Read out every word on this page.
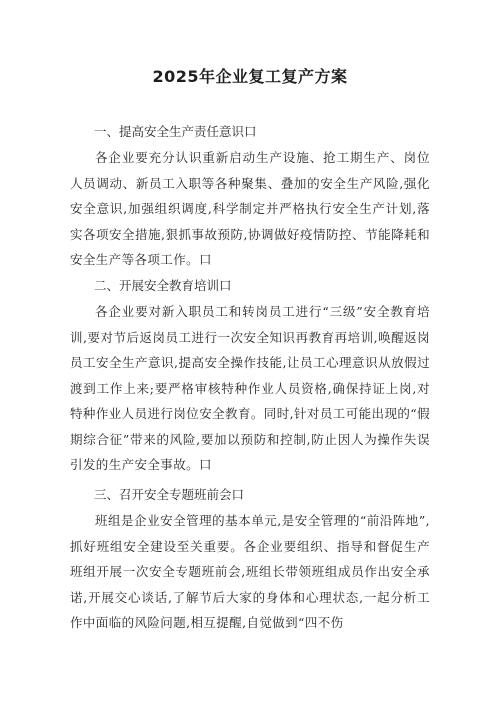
2025年企业复工复产方案
一、提高安全生产责任意识口

各企业要充分认识重新启动生产设施、抢工期生产、岗位人员调动、新员工入职等各种聚集、叠加的安全生产风险,强化安全意识,加强组织调度,科学制定并严格执行安全生产计划,落实各项安全措施,狠抓事故预防,协调做好疫情防控、节能降耗和安全生产等各项工作。口

二、开展安全教育培训口

各企业要对新入职员工和转岗员工进行“三级”安全教育培训,要对节后返岗员工进行一次安全知识再教育再培训,唤醒返岗员工安全生产意识,提高安全操作技能,让员工心理意识从放假过渡到工作上来;要严格审核特种作业人员资格,确保持证上岗,对特种作业人员进行岗位安全教育。同时,针对员工可能出现的“假期综合征”带来的风险,要加以预防和控制,防止因人为操作失误引发的生产安全事故。口

三、召开安全专题班前会口

班组是企业安全管理的基本单元,是安全管理的“前沿阵地”,抓好班组安全建设至关重要。各企业要组织、指导和督促生产班组开展一次安全专题班前会,班组长带领班组成员作出安全承诺,开展交心谈话,了解节后大家的身体和心理状态,一起分析工作中面临的风险问题,相互提醒,自觉做到“四不伤
